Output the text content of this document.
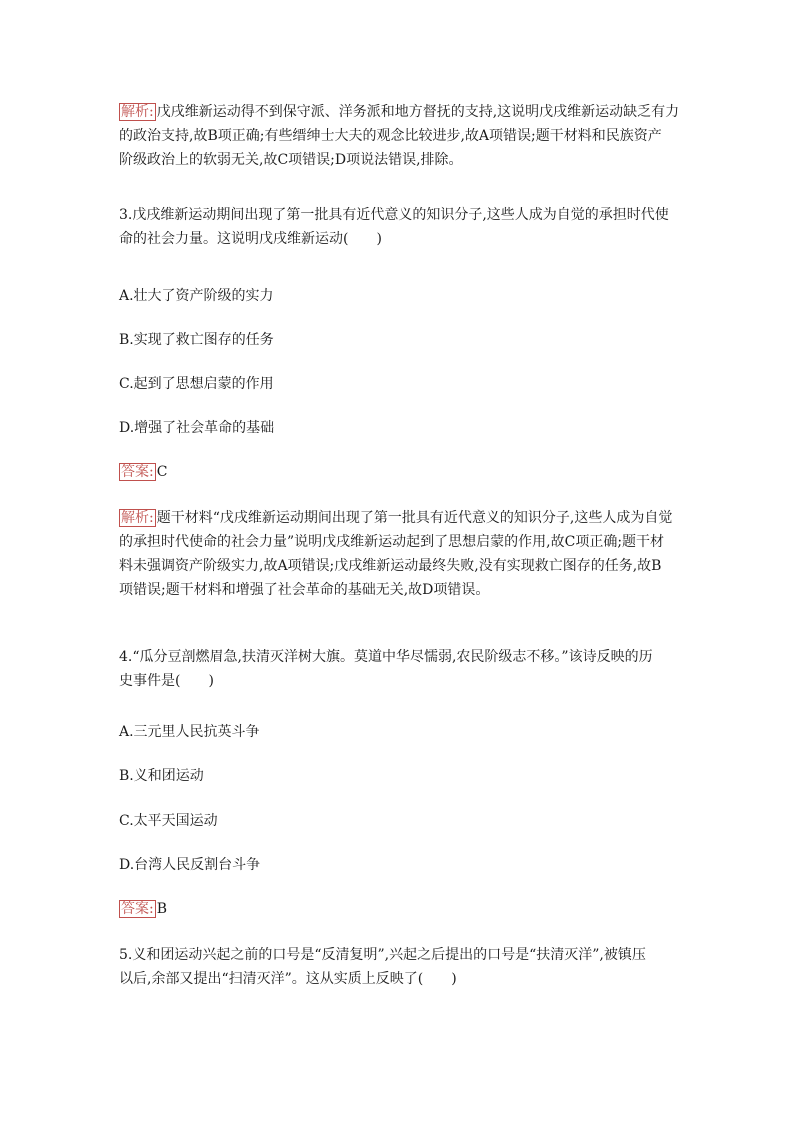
解析: 戊戌维新运动得不到保守派、洋务派和地方督抚的支持,这说明戊戌维新运动缺乏有力
的政治支持,故B项正确;有些缙绅士大夫的观念比较进步,故A项错误;题干材料和民族资产
阶级政治上的软弱无关,故C项错误;D项说法错误,排除。
3.戊戌维新运动期间出现了第一批具有近代意义的知识分子,这些人成为自觉的承担时代使
命的社会力量。这说明戊戌维新运动(　　)
A.壮大了资产阶级的实力
B.实现了救亡图存的任务
C.起到了思想启蒙的作用
D.增强了社会革命的基础
答案: C
解析: 题干材料“戊戌维新运动期间出现了第一批具有近代意义的知识分子,这些人成为自觉
的承担时代使命的社会力量”说明戊戌维新运动起到了思想启蒙的作用,故C项正确;题干材
料未强调资产阶级实力,故A项错误;戊戌维新运动最终失败,没有实现救亡图存的任务,故B
项错误;题干材料和增强了社会革命的基础无关,故D项错误。
4.“瓜分豆剖燃眉急,扶清灭洋树大旗。莫道中华尽懦弱,农民阶级志不移。”该诗反映的历
史事件是(　　)
A.三元里人民抗英斗争
B.义和团运动
C.太平天国运动
D.台湾人民反割台斗争
答案: B
5.义和团运动兴起之前的口号是“反清复明”,兴起之后提出的口号是“扶清灭洋”,被镇压
以后,余部又提出“扫清灭洋”。这从实质上反映了(　　)
